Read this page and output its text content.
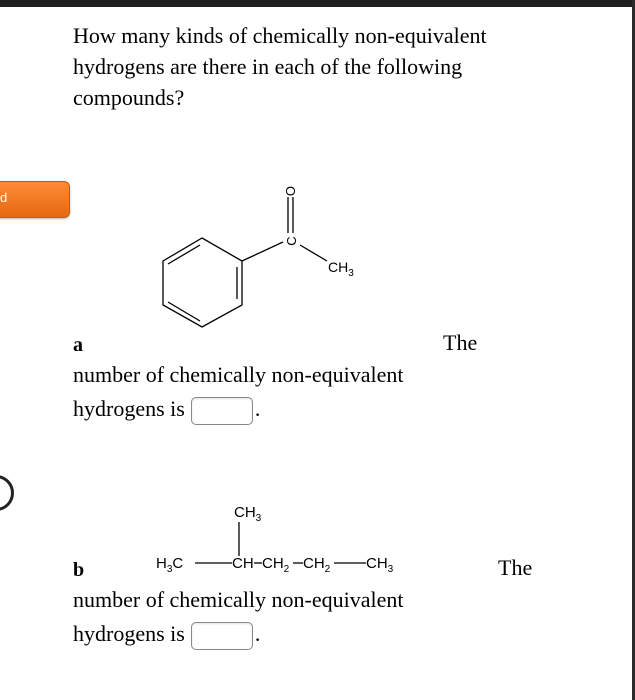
d
How many kinds of chemically non-equivalent hydrogens are there in each of the following compounds?
O
C
$CH_3$
a	The
number of chemically non-equivalent hydrogens is	.
$CH_3$
$H_3C$	CH $CH_2$ $CH_2$ $CH_3$
b	The
number of chemically non-equivalent hydrogens is	.
